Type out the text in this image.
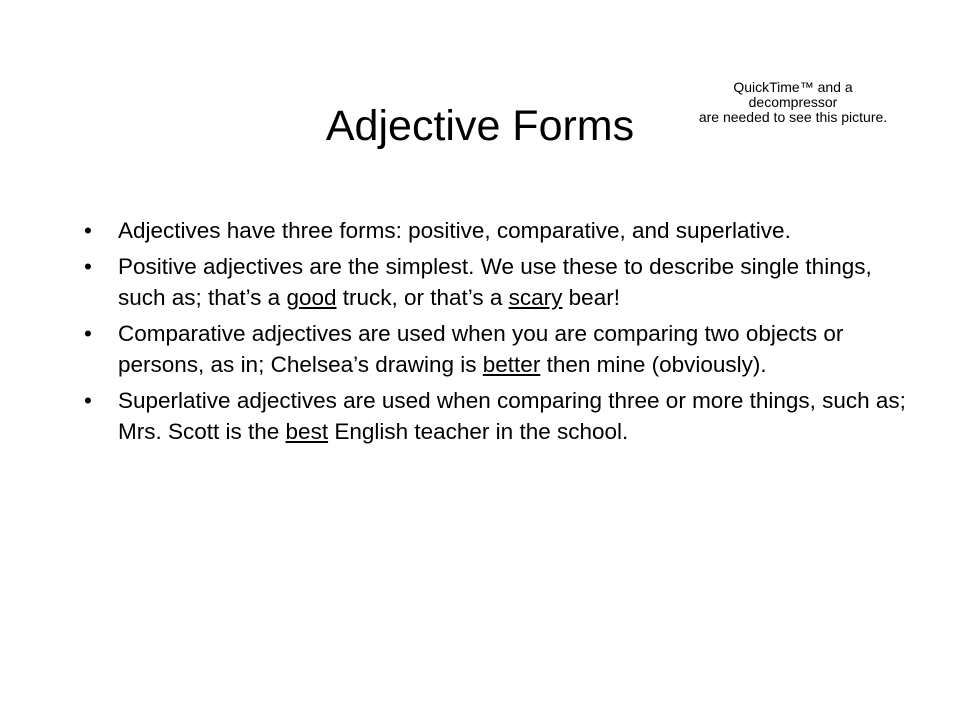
Adjective Forms
QuickTime™ and a
decompressor
are needed to see this picture.
• Adjectives have three forms: positive, comparative, and superlative.
• Positive adjectives are the simplest. We use these to describe single things, such as; that’s a good truck, or that’s a scary bear!
• Comparative adjectives are used when you are comparing two objects or persons, as in; Chelsea’s drawing is better then mine (obviously).
• Superlative adjectives are used when comparing three or more things, such as; Mrs. Scott is the best English teacher in the school.
